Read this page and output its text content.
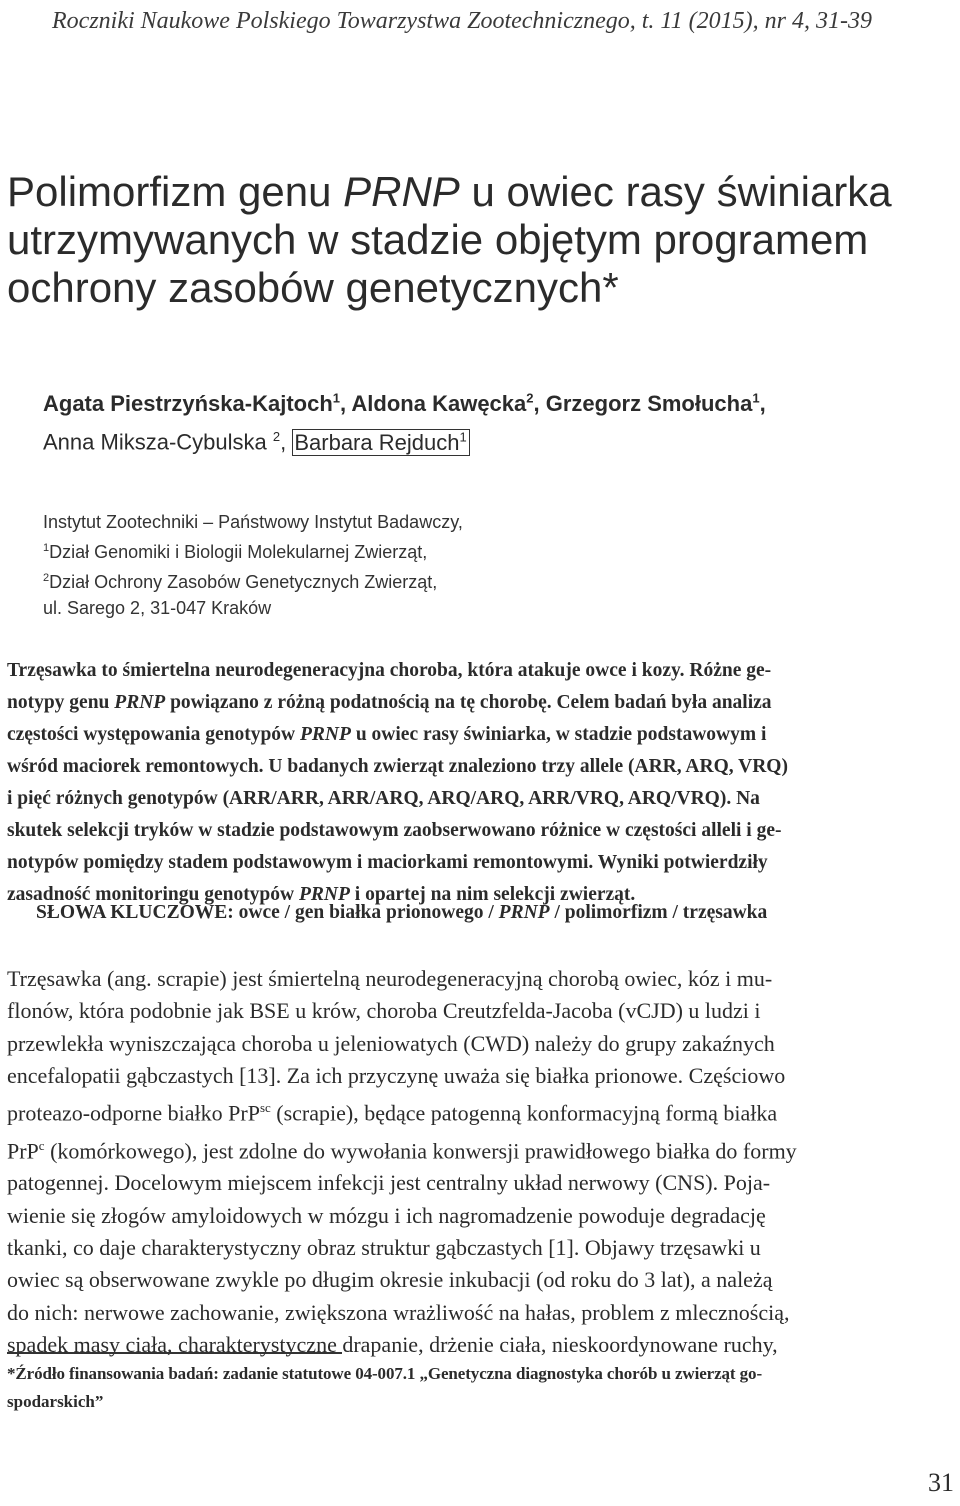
Roczniki Naukowe Polskiego Towarzystwa Zootechnicznego, t. 11 (2015), nr 4, 31-39
Polimorfizm genu PRNP u owiec rasy świniarka
utrzymywanych w stadzie objętym programem
ochrony zasobów genetycznych*
Agata Piestrzyńska-Kajtoch$^1$, Aldona Kawęcka$^2$, Grzegorz Smołucha$^1$,
Anna Miksza-Cybulska $^2$, Barbara Rejduch$^1$
Instytut Zootechniki – Państwowy Instytut Badawczy,
$^1$Dział Genomiki i Biologii Molekularnej Zwierząt,
$^2$Dział Ochrony Zasobów Genetycznych Zwierząt,
ul. Sarego 2, 31-047 Kraków
Trzęsawka to śmiertelna neurodegeneracyjna choroba, która atakuje owce i kozy. Różne ge-
notypy genu PRNP powiązano z różną podatnością na tę chorobę. Celem badań była analiza
częstości występowania genotypów PRNP u owiec rasy świniarka, w stadzie podstawowym i
wśród maciorek remontowych. U badanych zwierząt znaleziono trzy allele (ARR, ARQ, VRQ)
i pięć różnych genotypów (ARR/ARR, ARR/ARQ, ARQ/ARQ, ARR/VRQ, ARQ/VRQ). Na
skutek selekcji tryków w stadzie podstawowym zaobserwowano różnice w częstości alleli i ge-
notypów pomiędzy stadem podstawowym i maciorkami remontowymi. Wyniki potwierdziły
zasadność monitoringu genotypów PRNP i opartej na nim selekcji zwierząt.
SŁOWA KLUCZOWE: owce / gen białka prionowego / PRNP / polimorfizm / trzęsawka
Trzęsawka (ang. scrapie) jest śmiertelną neurodegeneracyjną chorobą owiec, kóz i mu-
flonów, która podobnie jak BSE u krów, choroba Creutzfelda-Jacoba (vCJD) u ludzi i
przewlekła wyniszczająca choroba u jeleniowatych (CWD) należy do grupy zakaźnych
encefalopatii gąbczastych [13]. Za ich przyczynę uważa się białka prionowe. Częściowo
proteazo-odporne białko PrP$^{sc}$ (scrapie), będące patogenną konformacyjną formą białka
PrP$^c$ (komórkowego), jest zdolne do wywołania konwersji prawidłowego białka do formy
patogennej. Docelowym miejscem infekcji jest centralny układ nerwowy (CNS). Poja-
wienie się złogów amyloidowych w mózgu i ich nagromadzenie powoduje degradację
tkanki, co daje charakterystyczny obraz struktur gąbczastych [1]. Objawy trzęsawki u
owiec są obserwowane zwykle po długim okresie inkubacji (od roku do 3 lat), a należą
do nich: nerwowe zachowanie, zwiększona wrażliwość na hałas, problem z mlecznością,
spadek masy ciała, charakterystyczne drapanie, drżenie ciała, nieskoordynowane ruchy,
*Źródło finansowania badań: zadanie statutowe 04-007.1 „Genetyczna diagnostyka chorób u zwierząt go-
spodarskich”
31
